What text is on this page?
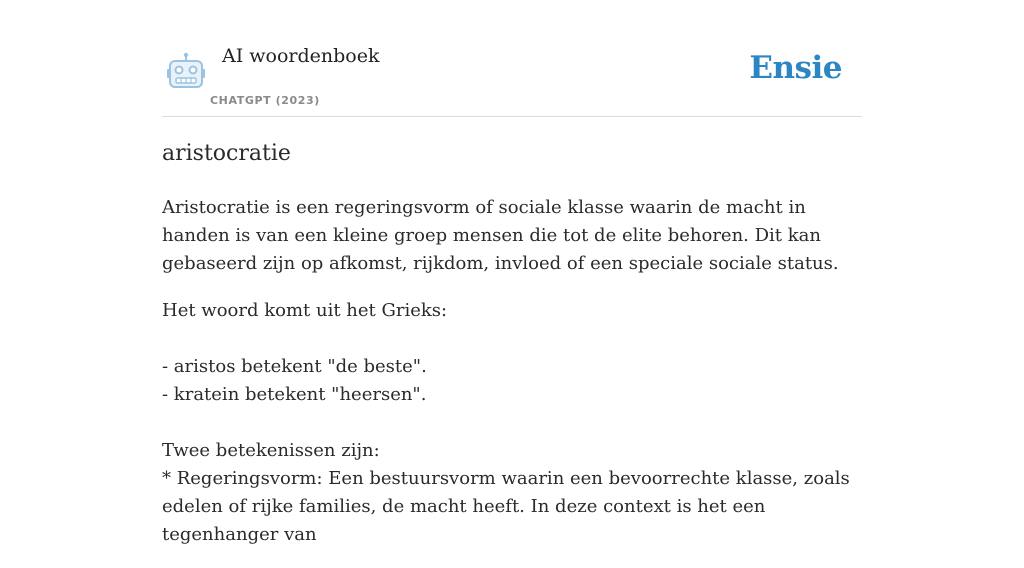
AI woordenboek
CHATGPT (2023)
Ensie
aristocratie

Aristocratie is een regeringsvorm of sociale klasse waarin de macht in handen is van een kleine groep mensen die tot de elite behoren. Dit kan gebaseerd zijn op afkomst, rijkdom, invloed of een speciale sociale status.

Het woord komt uit het Grieks:

- aristos betekent "de beste".
- kratein betekent "heersen".

Twee betekenissen zijn:
* Regeringsvorm: Een bestuursvorm waarin een bevoorrechte klasse, zoals edelen of rijke families, de macht heeft. In deze context is het een tegenhanger van
